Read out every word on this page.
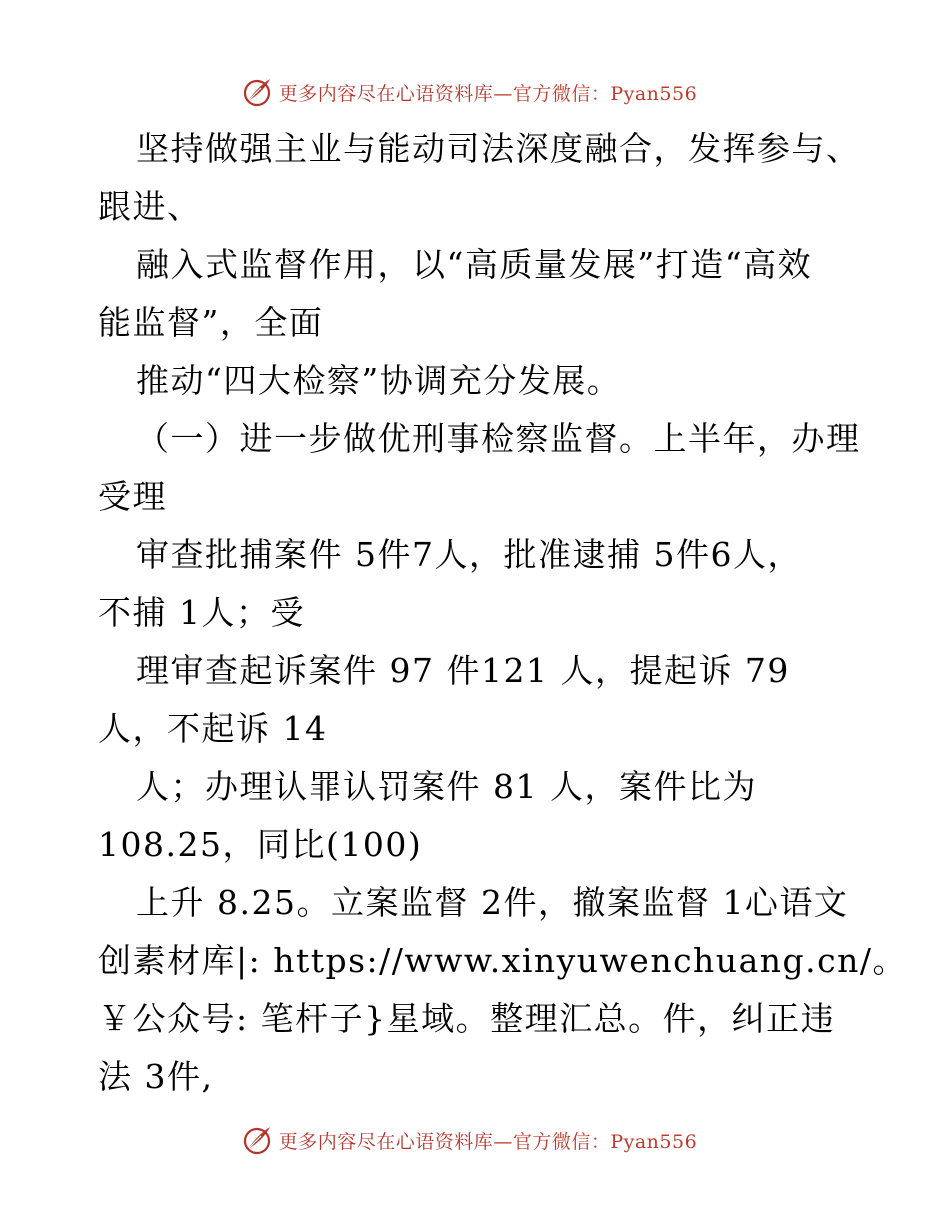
更多内容尽在心语资料库—官方微信：Pyan556
坚持做强主业与能动司法深度融合，发挥参与、
跟进、
融入式监督作用，以“高质量发展”打造“高效
能监督”，全面
推动“四大检察”协调充分发展。
（一）进一步做优刑事检察监督。上半年，办理
受理
审查批捕案件 5件7人，批准逮捕 5件6人，
不捕 1人；受
理审查起诉案件 97 件121 人，提起诉 79
人，不起诉 14
人；办理认罪认罚案件 81 人，案件比为
108.25，同比(100)
上升 8.25。立案监督 2件，撤案监督 1心语文
创素材库|: https://www.xinyuwenchuang.cn/。
￥公众号: 笔杆子}星域。整理汇总。件，纠正违
法 3件,
更多内容尽在心语资料库—官方微信：Pyan556
